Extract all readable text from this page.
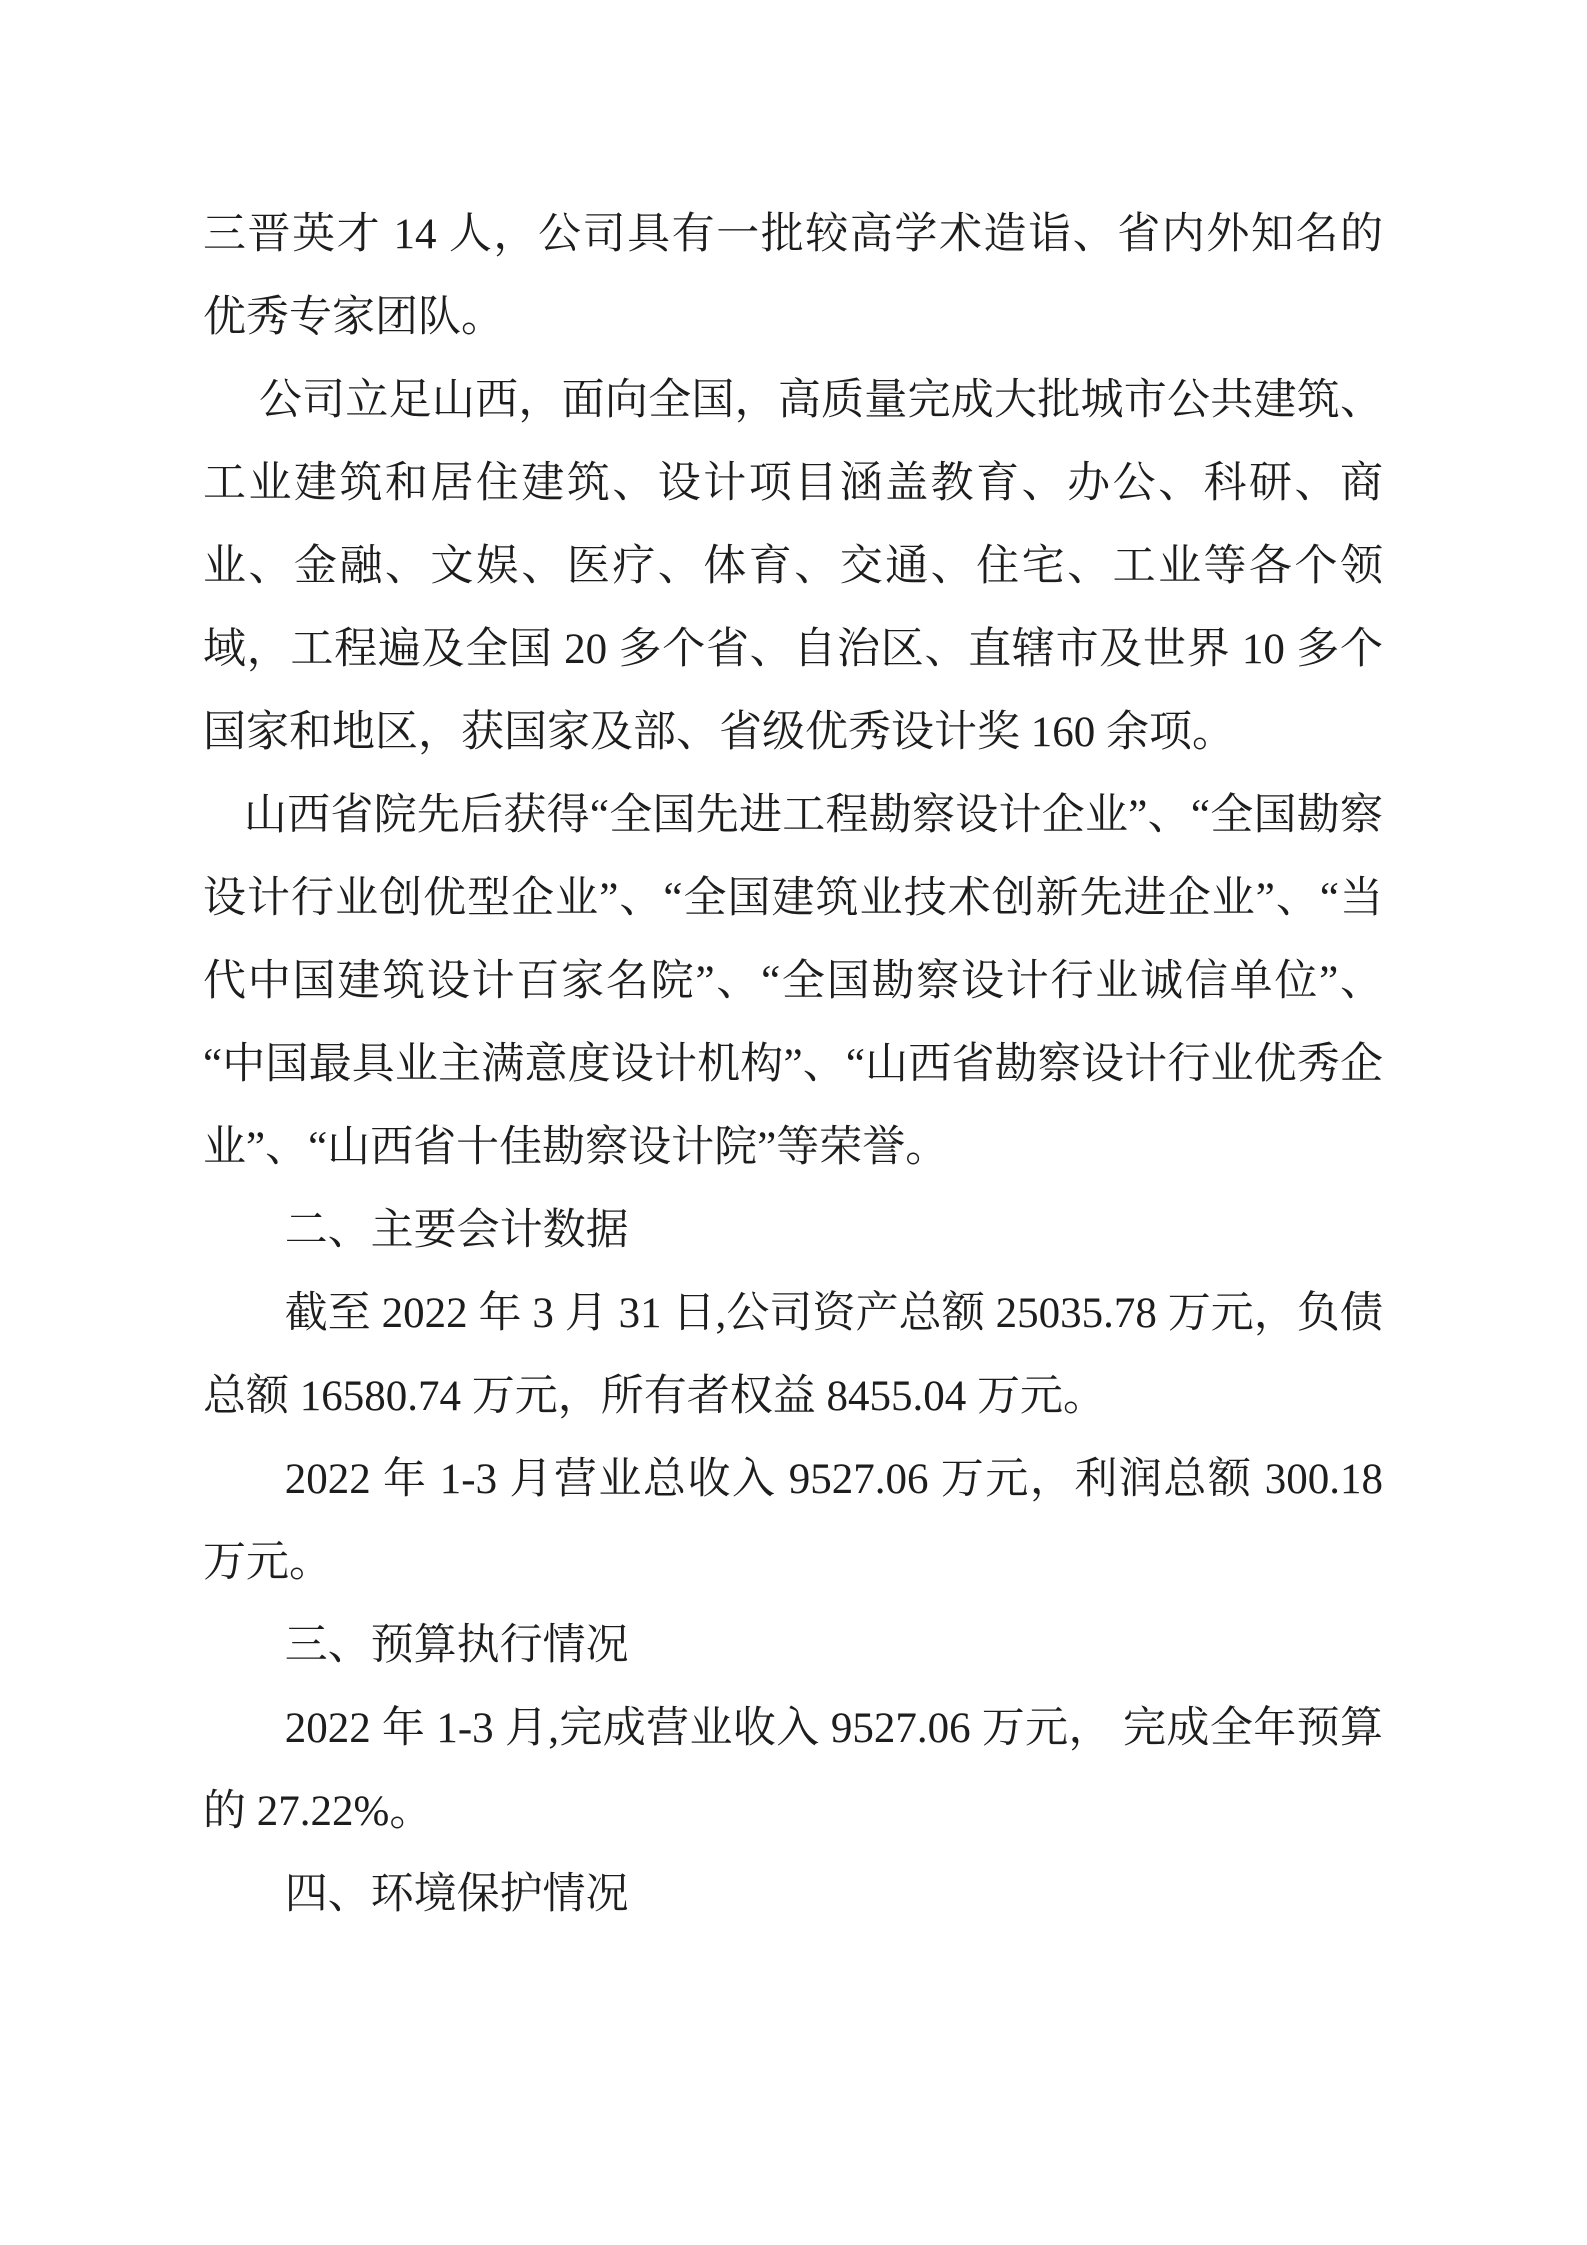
三晋英才 14 人，公司具有一批较高学术造诣、省内外知名的优秀专家团队。

公司立足山西，面向全国，高质量完成大批城市公共建筑、工业建筑和居住建筑、设计项目涵盖教育、办公、科研、商业、金融、文娱、医疗、体育、交通、住宅、工业等各个领域，工程遍及全国 20 多个省、自治区、直辖市及世界 10 多个国家和地区，获国家及部、省级优秀设计奖 160 余项。

山西省院先后获得“全国先进工程勘察设计企业”、“全国勘察设计行业创优型企业”、“全国建筑业技术创新先进企业”、“当代中国建筑设计百家名院”、“全国勘察设计行业诚信单位”、“中国最具业主满意度设计机构”、“山西省勘察设计行业优秀企业”、“山西省十佳勘察设计院”等荣誉。

二、主要会计数据

截至 2022 年 3 月 31 日,公司资产总额 25035.78 万元，负债总额 16580.74 万元，所有者权益 8455.04 万元。

2022 年 1-3 月营业总收入 9527.06 万元，利润总额 300.18 万元。

三、预算执行情况

2022 年 1-3 月,完成营业收入 9527.06 万元， 完成全年预算的 27.22%。

四、环境保护情况
